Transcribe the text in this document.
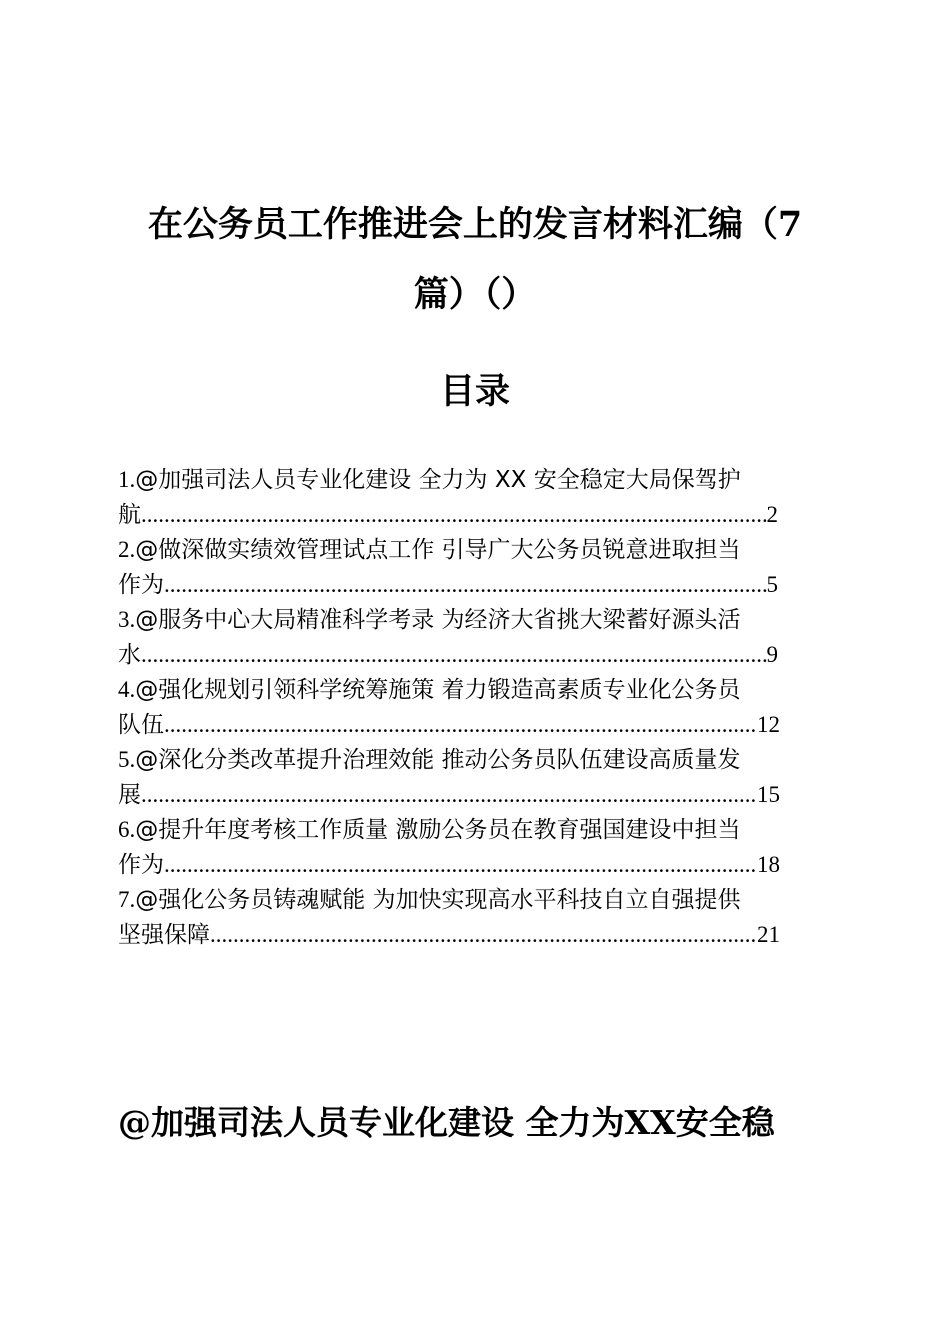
在公务员工作推进会上的发言材料汇编（7
篇）（）
目录
1.@加强司法人员专业化建设 全力为 XX 安全稳定大局保驾护
航 .....	2
2.@做深做实绩效管理试点工作 引导广大公务员锐意进取担当
作为 .....	5
3.@服务中心大局精准科学考录 为经济大省挑大梁蓄好源头活
水 .....	9
4.@强化规划引领科学统筹施策 着力锻造高素质专业化公务员
队伍 .....	12
5.@深化分类改革提升治理效能 推动公务员队伍建设高质量发
展 .....	15
6.@提升年度考核工作质量 激励公务员在教育强国建设中担当
作为 .....	18
7.@强化公务员铸魂赋能 为加快实现高水平科技自立自强提供
坚强保障 .....	21
@加强司法人员专业化建设 全力为XX安全稳
